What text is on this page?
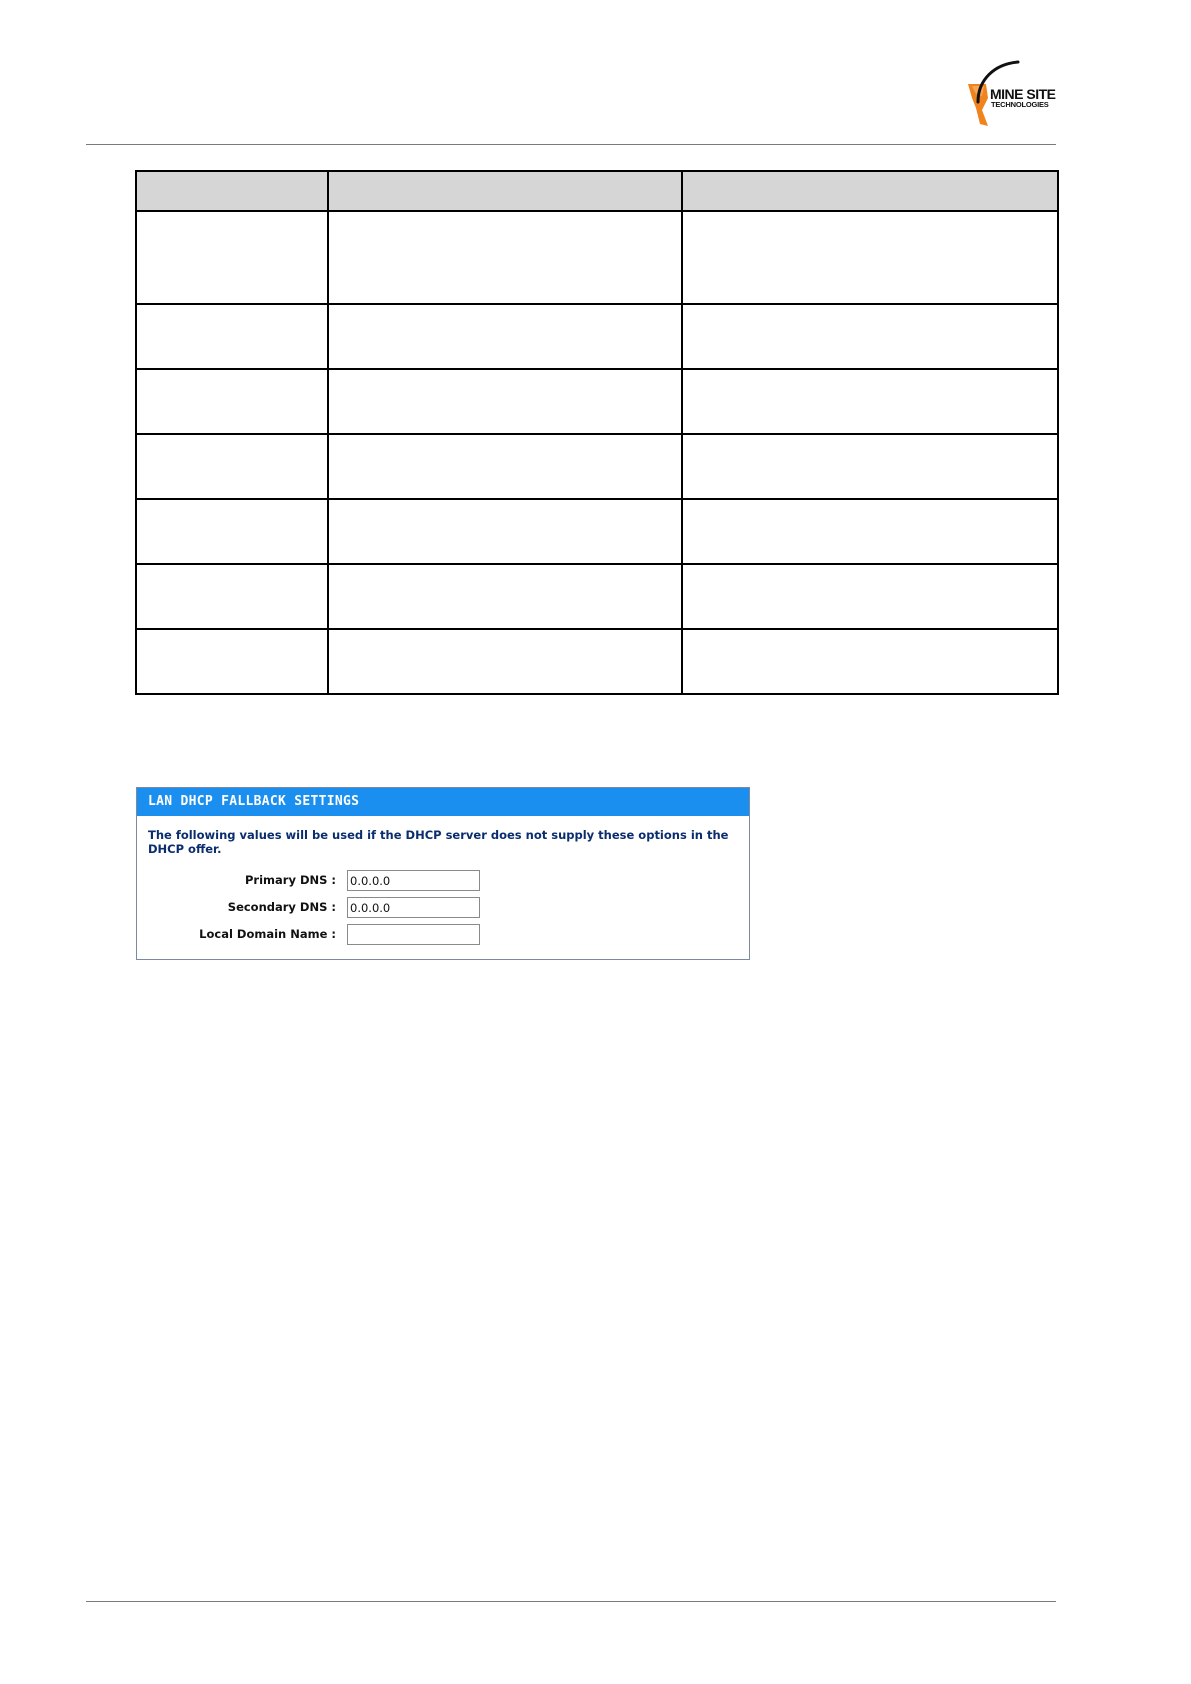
MINE SITE
TECHNOLOGIES

LAN DHCP FALLBACK SETTINGS
The following values will be used if the DHCP server does not supply these options in the DHCP offer.
Primary DNS :
0.0.0.0
Secondary DNS :
0.0.0.0
Local Domain Name :
